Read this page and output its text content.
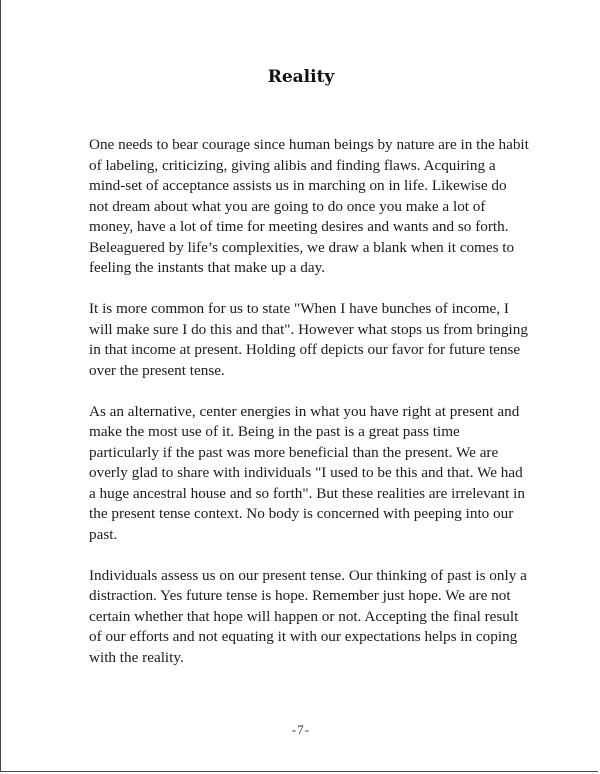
Reality

One needs to bear courage since human beings by nature are in the habit of labeling, criticizing, giving alibis and finding flaws. Acquiring a mind-set of acceptance assists us in marching on in life. Likewise do not dream about what you are going to do once you make a lot of money, have a lot of time for meeting desires and wants and so forth. Beleaguered by life’s complexities, we draw a blank when it comes to feeling the instants that make up a day.

It is more common for us to state "When I have bunches of income, I will make sure I do this and that". However what stops us from bringing in that income at present. Holding off depicts our favor for future tense over the present tense.

As an alternative, center energies in what you have right at present and make the most use of it. Being in the past is a great pass time particularly if the past was more beneficial than the present. We are overly glad to share with individuals "I used to be this and that. We had a huge ancestral house and so forth". But these realities are irrelevant in the present tense context. No body is concerned with peeping into our past.

Individuals assess us on our present tense. Our thinking of past is only a distraction. Yes future tense is hope. Remember just hope. We are not certain whether that hope will happen or not. Accepting the final result of our efforts and not equating it with our expectations helps in coping with the reality.

-7-
